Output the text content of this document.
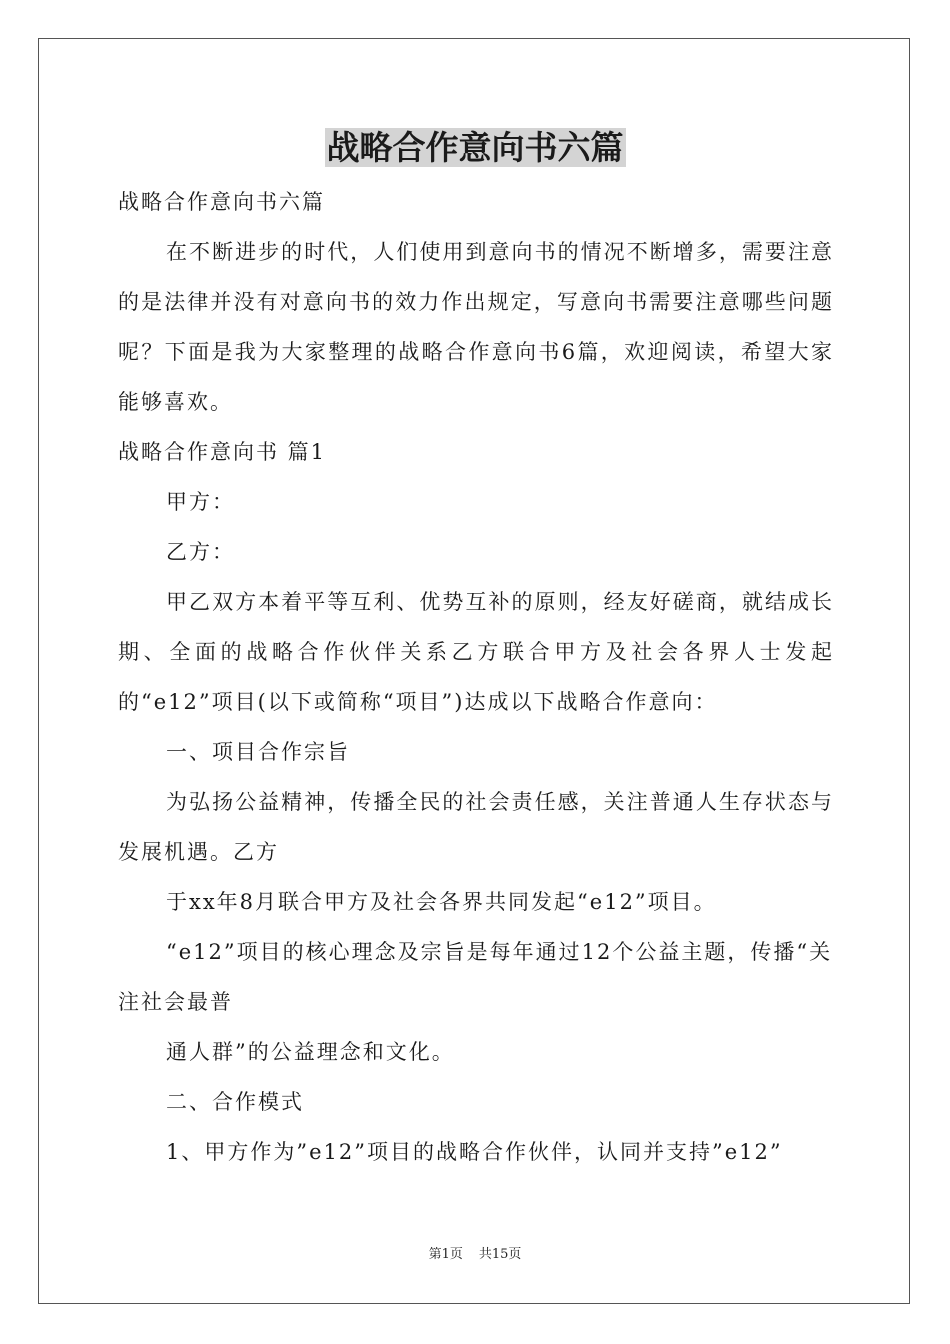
战略合作意向书六篇

战略合作意向书六篇

在不断进步的时代，人们使用到意向书的情况不断增多，需要注意的是法律并没有对意向书的效力作出规定，写意向书需要注意哪些问题呢？下面是我为大家整理的战略合作意向书6篇，欢迎阅读，希望大家能够喜欢。

战略合作意向书 篇1

甲方：

乙方：

甲乙双方本着平等互利、优势互补的原则，经友好磋商，就结成长期、全面的战略合作伙伴关系乙方联合甲方及社会各界人士发起的“e12”项目(以下或简称“项目”)达成以下战略合作意向：

一、项目合作宗旨

为弘扬公益精神，传播全民的社会责任感，关注普通人生存状态与发展机遇。乙方

于xx年8月联合甲方及社会各界共同发起“e12”项目。

“e12”项目的核心理念及宗旨是每年通过12个公益主题，传播“关注社会最普

通人群”的公益理念和文化。

二、合作模式

1、甲方作为”e12”项目的战略合作伙伴，认同并支持”e12”

第1页 共15页
